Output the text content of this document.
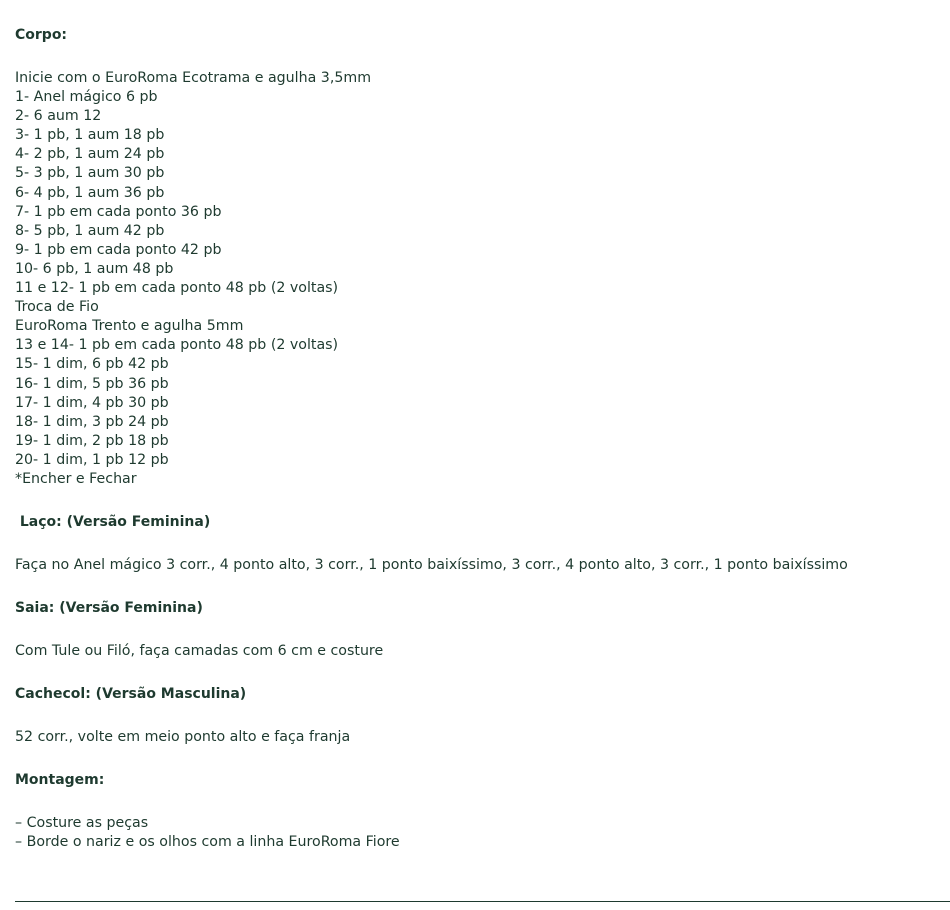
Corpo:

Inicie com o EuroRoma Ecotrama e agulha 3,5mm
1- Anel mágico 6 pb
2- 6 aum 12
3- 1 pb, 1 aum 18 pb
4- 2 pb, 1 aum 24 pb
5- 3 pb, 1 aum 30 pb
6- 4 pb, 1 aum 36 pb
7- 1 pb em cada ponto 36 pb
8- 5 pb, 1 aum 42 pb
9- 1 pb em cada ponto 42 pb
10- 6 pb, 1 aum 48 pb
11 e 12- 1 pb em cada ponto 48 pb (2 voltas)
Troca de Fio
EuroRoma Trento e agulha 5mm
13 e 14- 1 pb em cada ponto 48 pb (2 voltas)
15- 1 dim, 6 pb 42 pb
16- 1 dim, 5 pb 36 pb
17- 1 dim, 4 pb 30 pb
18- 1 dim, 3 pb 24 pb
19- 1 dim, 2 pb 18 pb
20- 1 dim, 1 pb 12 pb
*Encher e Fechar

Laço: (Versão Feminina)

Faça no Anel mágico 3 corr., 4 ponto alto, 3 corr., 1 ponto baixíssimo, 3 corr., 4 ponto alto, 3 corr., 1 ponto baixíssimo

Saia: (Versão Feminina)

Com Tule ou Filó, faça camadas com 6 cm e costure

Cachecol: (Versão Masculina)

52 corr., volte em meio ponto alto e faça franja

Montagem:

– Costure as peças
– Borde o nariz e os olhos com a linha EuroRoma Fiore
